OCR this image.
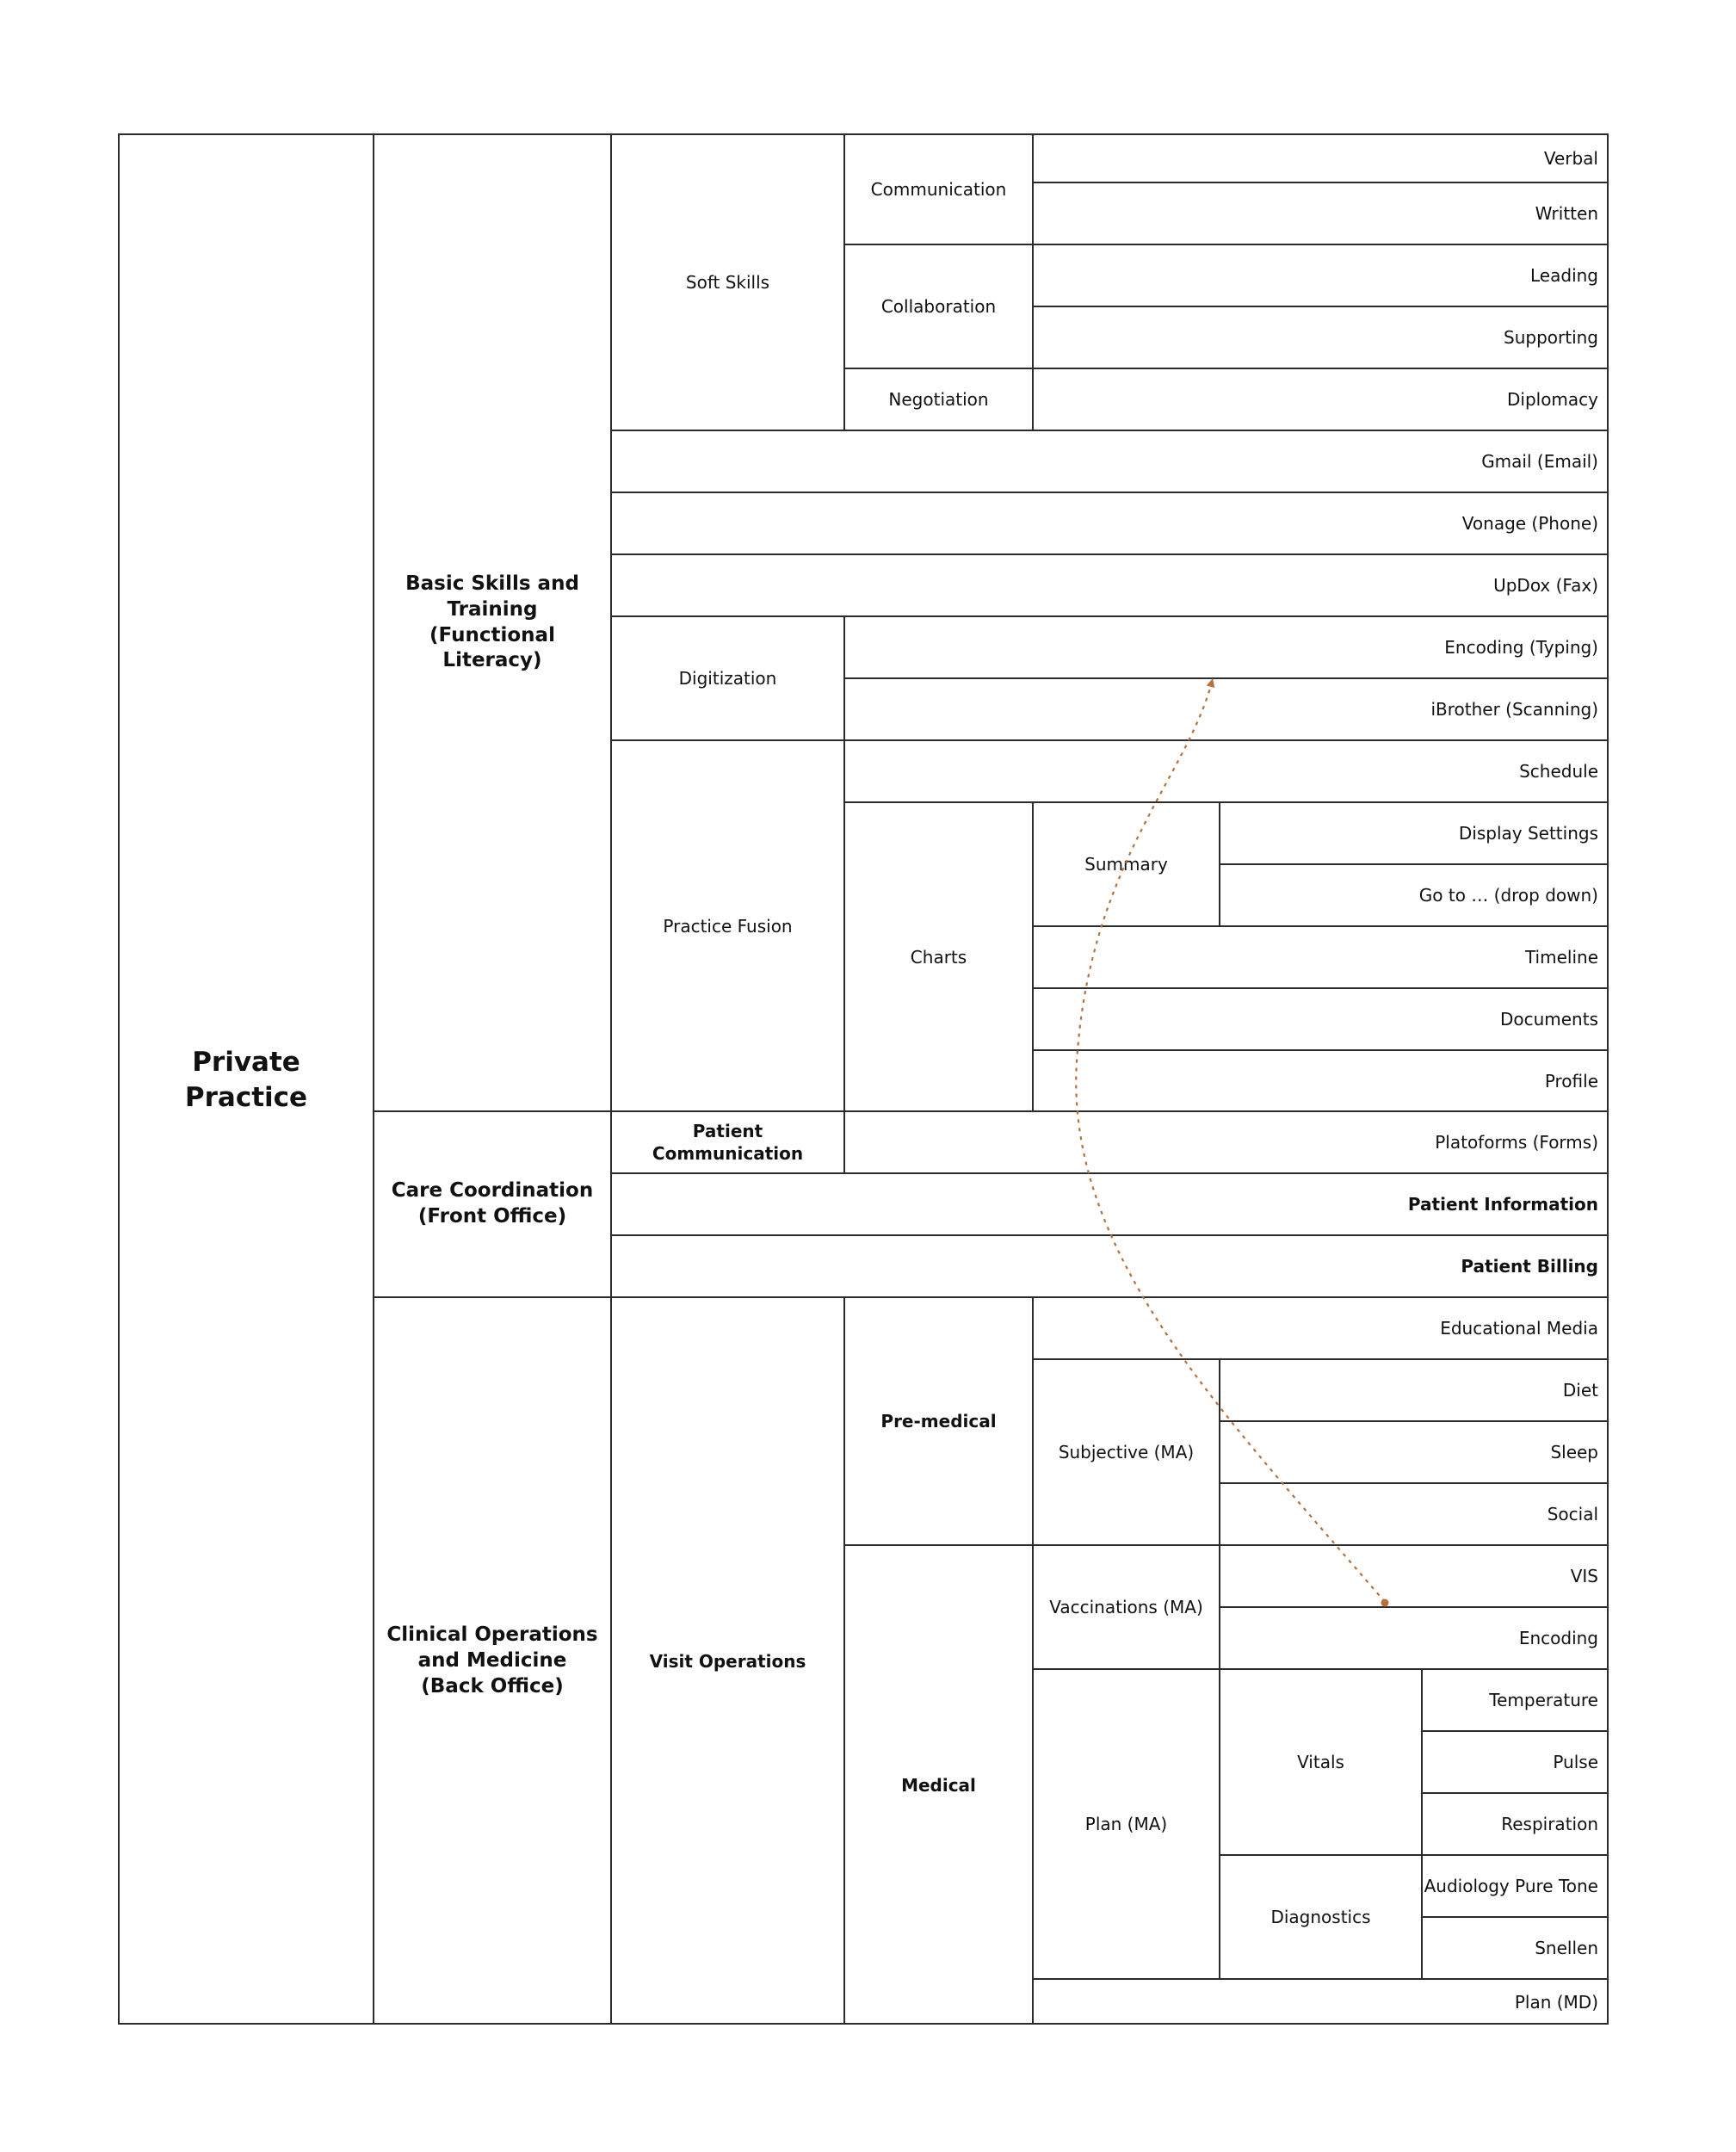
Private Practice
Basic Skills and Training (Functional Literacy)
Care Coordination (Front Office)
Clinical Operations and Medicine (Back Office)
Soft Skills
Gmail (Email)
Vonage (Phone)
UpDox (Fax)
Digitization
Practice Fusion
Patient Communication
Patient Information
Patient Billing
Visit Operations
Communication
Collaboration
Negotiation
Encoding (Typing)
iBrother (Scanning)
Schedule
Charts
Platoforms (Forms)
Pre-medical
Medical
Verbal
Written
Leading
Supporting
Diplomacy
Summary
Timeline
Documents
Profile
Educational Media
Subjective (MA)
Vaccinations (MA)
Plan (MA)
Plan (MD)
Display Settings
Go to … (drop down)
Diet
Sleep
Social
VIS
Encoding
Vitals
Diagnostics
Temperature
Pulse
Respiration
Audiology Pure Tone
Snellen
